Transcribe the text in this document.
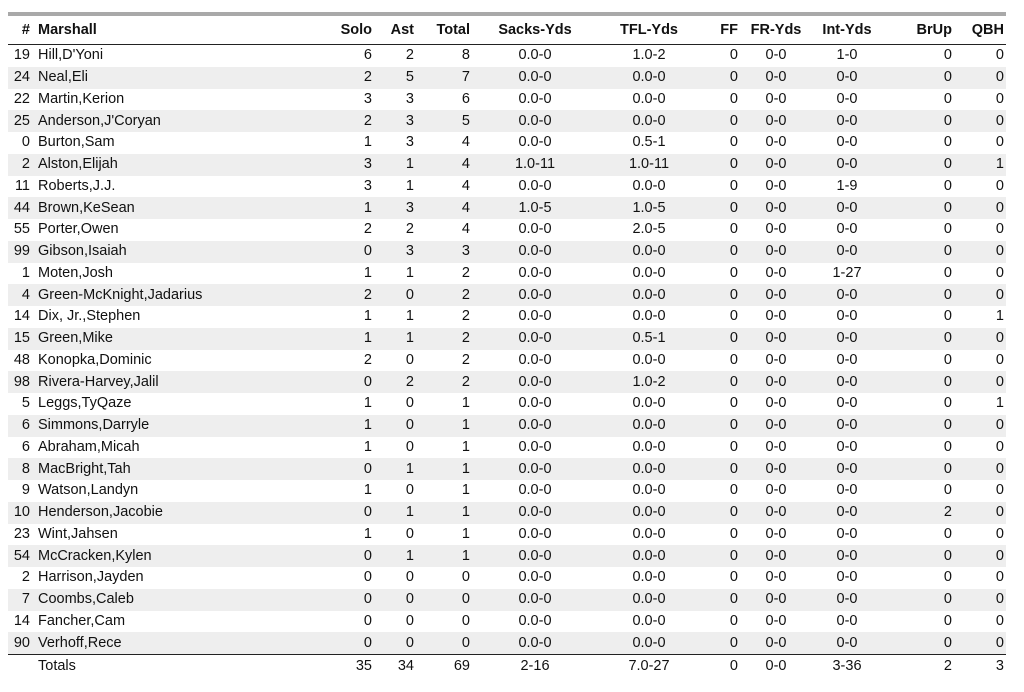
#	Marshall	Solo	Ast	Total	Sacks-Yds	TFL-Yds	FF	FR-Yds	Int-Yds	BrUp	QBH
19	Hill,D'Yoni	6	2	8	0.0-0	1.0-2	0	0-0	1-0	0	0
24	Neal,Eli	2	5	7	0.0-0	0.0-0	0	0-0	0-0	0	0
22	Martin,Kerion	3	3	6	0.0-0	0.0-0	0	0-0	0-0	0	0
25	Anderson,J'Coryan	2	3	5	0.0-0	0.0-0	0	0-0	0-0	0	0
0	Burton,Sam	1	3	4	0.0-0	0.5-1	0	0-0	0-0	0	0
2	Alston,Elijah	3	1	4	1.0-11	1.0-11	0	0-0	0-0	0	1
11	Roberts,J.J.	3	1	4	0.0-0	0.0-0	0	0-0	1-9	0	0
44	Brown,KeSean	1	3	4	1.0-5	1.0-5	0	0-0	0-0	0	0
55	Porter,Owen	2	2	4	0.0-0	2.0-5	0	0-0	0-0	0	0
99	Gibson,Isaiah	0	3	3	0.0-0	0.0-0	0	0-0	0-0	0	0
1	Moten,Josh	1	1	2	0.0-0	0.0-0	0	0-0	1-27	0	0
4	Green-McKnight,Jadarius	2	0	2	0.0-0	0.0-0	0	0-0	0-0	0	0
14	Dix, Jr.,Stephen	1	1	2	0.0-0	0.0-0	0	0-0	0-0	0	1
15	Green,Mike	1	1	2	0.0-0	0.5-1	0	0-0	0-0	0	0
48	Konopka,Dominic	2	0	2	0.0-0	0.0-0	0	0-0	0-0	0	0
98	Rivera-Harvey,Jalil	0	2	2	0.0-0	1.0-2	0	0-0	0-0	0	0
5	Leggs,TyQaze	1	0	1	0.0-0	0.0-0	0	0-0	0-0	0	1
6	Simmons,Darryle	1	0	1	0.0-0	0.0-0	0	0-0	0-0	0	0
6	Abraham,Micah	1	0	1	0.0-0	0.0-0	0	0-0	0-0	0	0
8	MacBright,Tah	0	1	1	0.0-0	0.0-0	0	0-0	0-0	0	0
9	Watson,Landyn	1	0	1	0.0-0	0.0-0	0	0-0	0-0	0	0
10	Henderson,Jacobie	0	1	1	0.0-0	0.0-0	0	0-0	0-0	2	0
23	Wint,Jahsen	1	0	1	0.0-0	0.0-0	0	0-0	0-0	0	0
54	McCracken,Kylen	0	1	1	0.0-0	0.0-0	0	0-0	0-0	0	0
2	Harrison,Jayden	0	0	0	0.0-0	0.0-0	0	0-0	0-0	0	0
7	Coombs,Caleb	0	0	0	0.0-0	0.0-0	0	0-0	0-0	0	0
14	Fancher,Cam	0	0	0	0.0-0	0.0-0	0	0-0	0-0	0	0
90	Verhoff,Rece	0	0	0	0.0-0	0.0-0	0	0-0	0-0	0	0
	Totals	35	34	69	2-16	7.0-27	0	0-0	3-36	2	3
